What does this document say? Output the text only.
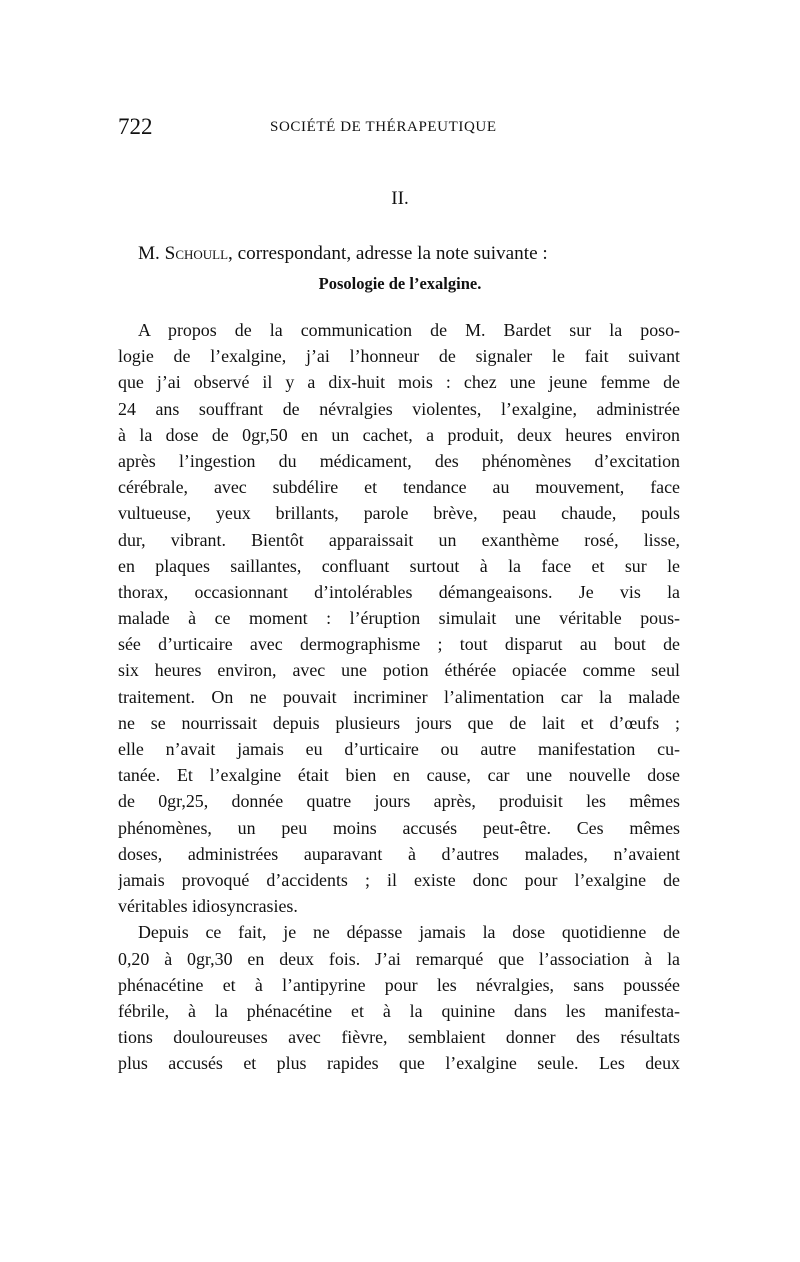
722	SOCIÉTÉ DE THÉRAPEUTIQUE
II.
M. Schoull, correspondant, adresse la note suivante :
Posologie de l’exalgine.
A propos de la communication de M. Bardet sur la poso-
logie de l’exalgine, j’ai l’honneur de signaler le fait suivant
que j’ai observé il y a dix-huit mois : chez une jeune femme de
24 ans souffrant de névralgies violentes, l’exalgine, administrée
à la dose de 0gr,50 en un cachet, a produit, deux heures environ
après l’ingestion du médicament, des phénomènes d’excitation
cérébrale, avec subdélire et tendance au mouvement, face
vultueuse, yeux brillants, parole brève, peau chaude, pouls
dur, vibrant. Bientôt apparaissait un exanthème rosé, lisse,
en plaques saillantes, confluant surtout à la face et sur le
thorax, occasionnant d’intolérables démangeaisons. Je vis la
malade à ce moment : l’éruption simulait une véritable pous-
sée d’urticaire avec dermographisme ; tout disparut au bout de
six heures environ, avec une potion éthérée opiacée comme seul
traitement. On ne pouvait incriminer l’alimentation car la malade
ne se nourrissait depuis plusieurs jours que de lait et d’œufs ;
elle n’avait jamais eu d’urticaire ou autre manifestation cu-
tanée. Et l’exalgine était bien en cause, car une nouvelle dose
de 0gr,25, donnée quatre jours après, produisit les mêmes
phénomènes, un peu moins accusés peut-être. Ces mêmes
doses, administrées auparavant à d’autres malades, n’avaient
jamais provoqué d’accidents ; il existe donc pour l’exalgine de
véritables idiosyncrasies.
Depuis ce fait, je ne dépasse jamais la dose quotidienne de
0,20 à 0gr,30 en deux fois. J’ai remarqué que l’association à la
phénacétine et à l’antipyrine pour les névralgies, sans poussée
fébrile, à la phénacétine et à la quinine dans les manifesta-
tions douloureuses avec fièvre, semblaient donner des résultats
plus accusés et plus rapides que l’exalgine seule. Les deux
